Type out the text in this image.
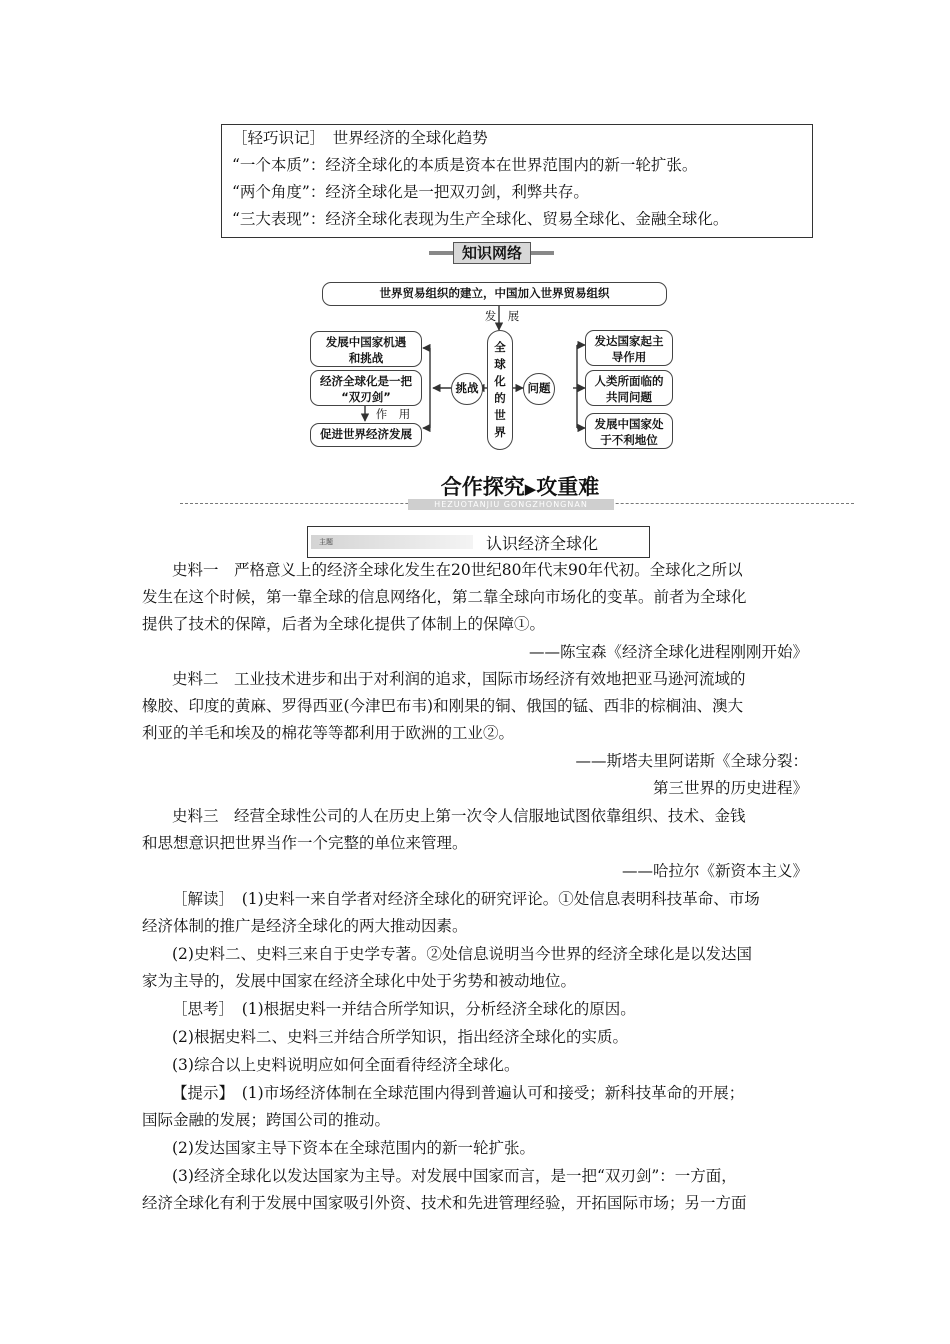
［轻巧识记］　世界经济的全球化趋势
“一个本质”：经济全球化的本质是资本在世界范围内的新一轮扩张。
“两个角度”：经济全球化是一把双刃剑，利弊共存。
“三大表现”：经济全球化表现为生产全球化、贸易全球化、金融全球化。
知识网络
世界贸易组织的建立，中国加入世界贸易组织
发　展
全
球
化
的
世
界
挑战	问题
发展中国家机遇
和挑战
经济全球化是一把
“双刃剑”
作　用
促进世界经济发展
发达国家起主
导作用
人类所面临的
共同问题
发展中国家处
于不利地位
HEZUOTANJIU GONGZHONGNAN
合作探究▶攻重难
主题	认识经济全球化
史料一　严格意义上的经济全球化发生在20世纪80年代末90年代初。全球化之所以
发生在这个时候，第一靠全球的信息网络化，第二靠全球向市场化的变革。前者为全球化
提供了技术的保障，后者为全球化提供了体制上的保障①。
——陈宝森《经济全球化进程刚刚开始》
史料二　工业技术进步和出于对利润的追求，国际市场经济有效地把亚马逊河流域的
橡胶、印度的黄麻、罗得西亚(今津巴布韦)和刚果的铜、俄国的锰、西非的棕榈油、澳大
利亚的羊毛和埃及的棉花等等都利用于欧洲的工业②。
——斯塔夫里阿诺斯《全球分裂：
第三世界的历史进程》
史料三　经营全球性公司的人在历史上第一次令人信服地试图依靠组织、技术、金钱
和思想意识把世界当作一个完整的单位来管理。
——哈拉尔《新资本主义》
［解读］　(1)史料一来自学者对经济全球化的研究评论。①处信息表明科技革命、市场
经济体制的推广是经济全球化的两大推动因素。
(2)史料二、史料三来自于史学专著。②处信息说明当今世界的经济全球化是以发达国
家为主导的，发展中国家在经济全球化中处于劣势和被动地位。
［思考］　(1)根据史料一并结合所学知识，分析经济全球化的原因。
(2)根据史料二、史料三并结合所学知识，指出经济全球化的实质。
(3)综合以上史料说明应如何全面看待经济全球化。
【提示】　(1)市场经济体制在全球范围内得到普遍认可和接受；新科技革命的开展；
国际金融的发展；跨国公司的推动。
(2)发达国家主导下资本在全球范围内的新一轮扩张。
(3)经济全球化以发达国家为主导。对发展中国家而言，是一把“双刃剑”：一方面，
经济全球化有利于发展中国家吸引外资、技术和先进管理经验，开拓国际市场；另一方面
